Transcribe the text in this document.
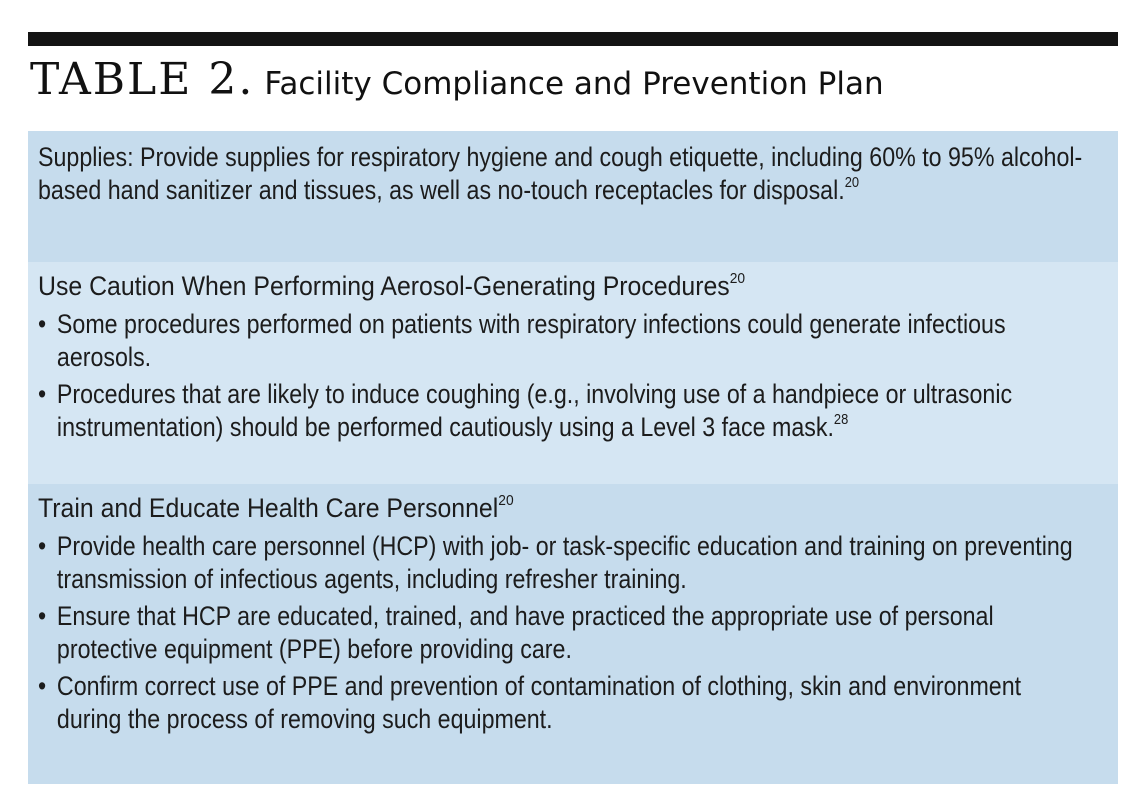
TABLE 2. Facility Compliance and Prevention Plan
Supplies: Provide supplies for respiratory hygiene and cough etiquette, including 60% to 95% alcohol-based hand sanitizer and tissues, as well as no-touch receptacles for disposal.$^{20}$
Use Caution When Performing Aerosol-Generating Procedures$^{20}$
• Some procedures performed on patients with respiratory infections could generate infectious aerosols.
• Procedures that are likely to induce coughing (e.g., involving use of a handpiece or ultrasonic instrumentation) should be performed cautiously using a Level 3 face mask.$^{28}$
Train and Educate Health Care Personnel$^{20}$
• Provide health care personnel (HCP) with job- or task-specific education and training on preventing transmission of infectious agents, including refresher training.
• Ensure that HCP are educated, trained, and have practiced the appropriate use of personal protective equipment (PPE) before providing care.
• Confirm correct use of PPE and prevention of contamination of clothing, skin and environment during the process of removing such equipment.
